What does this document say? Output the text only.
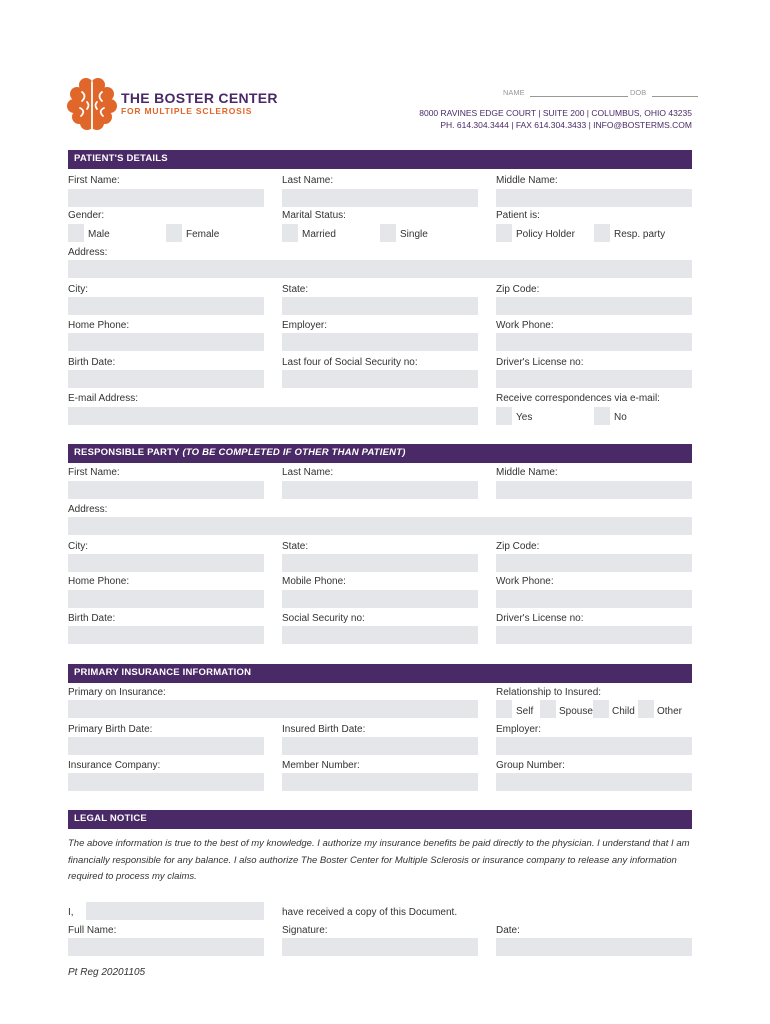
THE BOSTER CENTER
FOR MULTIPLE SCLEROSIS
NAME	DOB
8000 RAVINES EDGE COURT | SUITE 200 | COLUMBUS, OHIO 43235
PH. 614.304.3444 | FAX 614.304.3433 | INFO@BOSTERMS.COM
PATIENT'S DETAILS
First Name:	Last Name:	Middle Name:
Gender:	Marital Status:	Patient is:
Male	Female	Married	Single	Policy Holder	Resp. party
Address:
City:	State:	Zip Code:
Home Phone:	Employer:	Work Phone:
Birth Date:	Last four of Social Security no:	Driver's License no:
E-mail Address:	Receive correspondences via e-mail:
Yes	No
RESPONSIBLE PARTY (TO BE COMPLETED IF OTHER THAN PATIENT)
First Name:	Last Name:	Middle Name:
Address:
City:	State:	Zip Code:
Home Phone:	Mobile Phone:	Work Phone:
Birth Date:	Social Security no:	Driver's License no:
PRIMARY INSURANCE INFORMATION
Primary on Insurance:	Relationship to Insured:
Self	Spouse Child Other
Primary Birth Date:	Insured Birth Date:	Employer:
Insurance Company:	Member Number:	Group Number:
LEGAL NOTICE
The above information is true to the best of my knowledge. I authorize my insurance benefits be paid directly to the physician. I understand that I am financially responsible for any balance. I also authorize The Boster Center for Multiple Sclerosis or insurance company to release any information required to process my claims.
I,	have received a copy of this Document.
Full Name:	Signature:	Date:
Pt Reg 20201105
